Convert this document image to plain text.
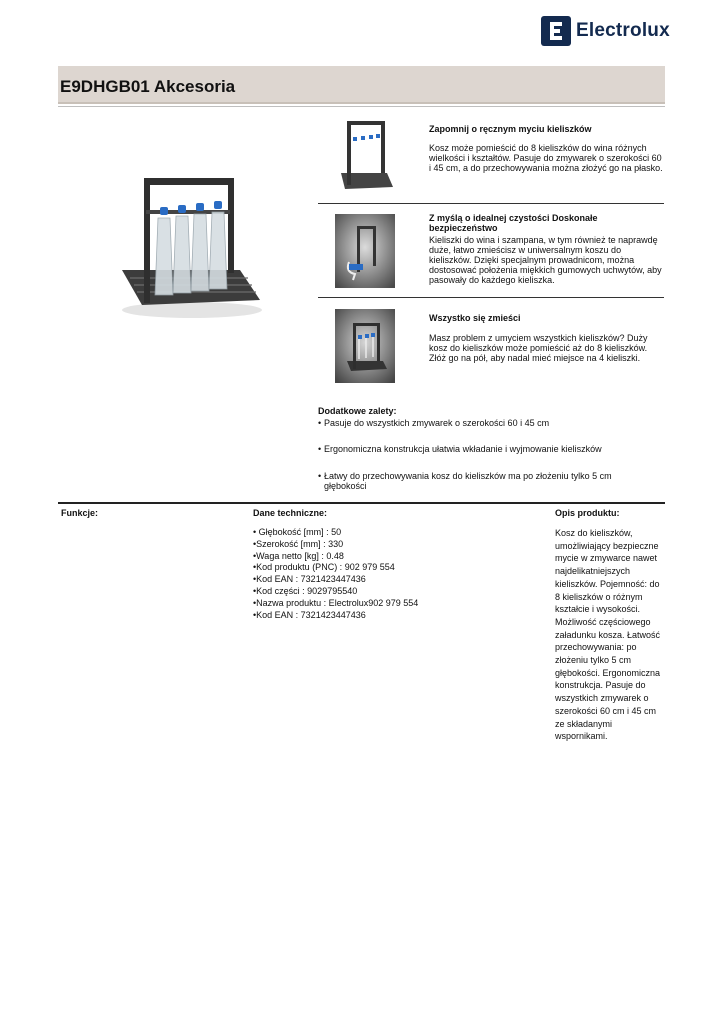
Electrolux
E9DHGB01 Akcesoria
Zapomnij o ręcznym myciu kieliszków
Kosz może pomieścić do 8 kieliszków do wina różnych wielkości i kształtów. Pasuje do zmywarek o szerokości 60 i 45 cm, a do przechowywania można złożyć go na płasko.
Z myślą o idealnej czystości Doskonałe bezpieczeństwo
Kieliszki do wina i szampana, w tym również te naprawdę duże, łatwo zmieścisz w uniwersalnym koszu do kieliszków. Dzięki specjalnym prowadnicom, można dostosować położenia miękkich gumowych uchwytów, aby pasowały do każdego kieliszka.
Wszystko się zmieści
Masz problem z umyciem wszystkich kieliszków? Duży kosz do kieliszków może pomieścić aż do 8 kieliszków. Złóż go na pół, aby nadal mieć miejsce na 4 kieliszki.
Dodatkowe zalety:
• Pasuje do wszystkich zmywarek o szerokości 60 i 45 cm
• Ergonomiczna konstrukcja ułatwia wkładanie i wyjmowanie kieliszków
• Łatwy do przechowywania kosz do kieliszków ma po złożeniu tylko 5 cm głębokości
Funkcje:	Dane techniczne:	Opis produktu:
• Głębokość [mm] : 50
•Szerokość [mm] : 330
•Waga netto [kg] : 0.48
•Kod produktu (PNC) : 902 979 554
•Kod EAN : 7321423447436
•Kod części : 9029795540
•Nazwa produktu : Electrolux902 979 554
•Kod EAN : 7321423447436
Kosz do kieliszków, umożliwiający bezpieczne mycie w zmywarce nawet najdelikatniejszych kieliszków. Pojemność: do 8 kieliszków o różnym kształcie i wysokości. Możliwość częściowego załadunku kosza. Łatwość przechowywania: po złożeniu tylko 5 cm głębokości. Ergonomiczna konstrukcja. Pasuje do wszystkich zmywarek o szerokości 60 cm i 45 cm ze składanymi wspornikami.
